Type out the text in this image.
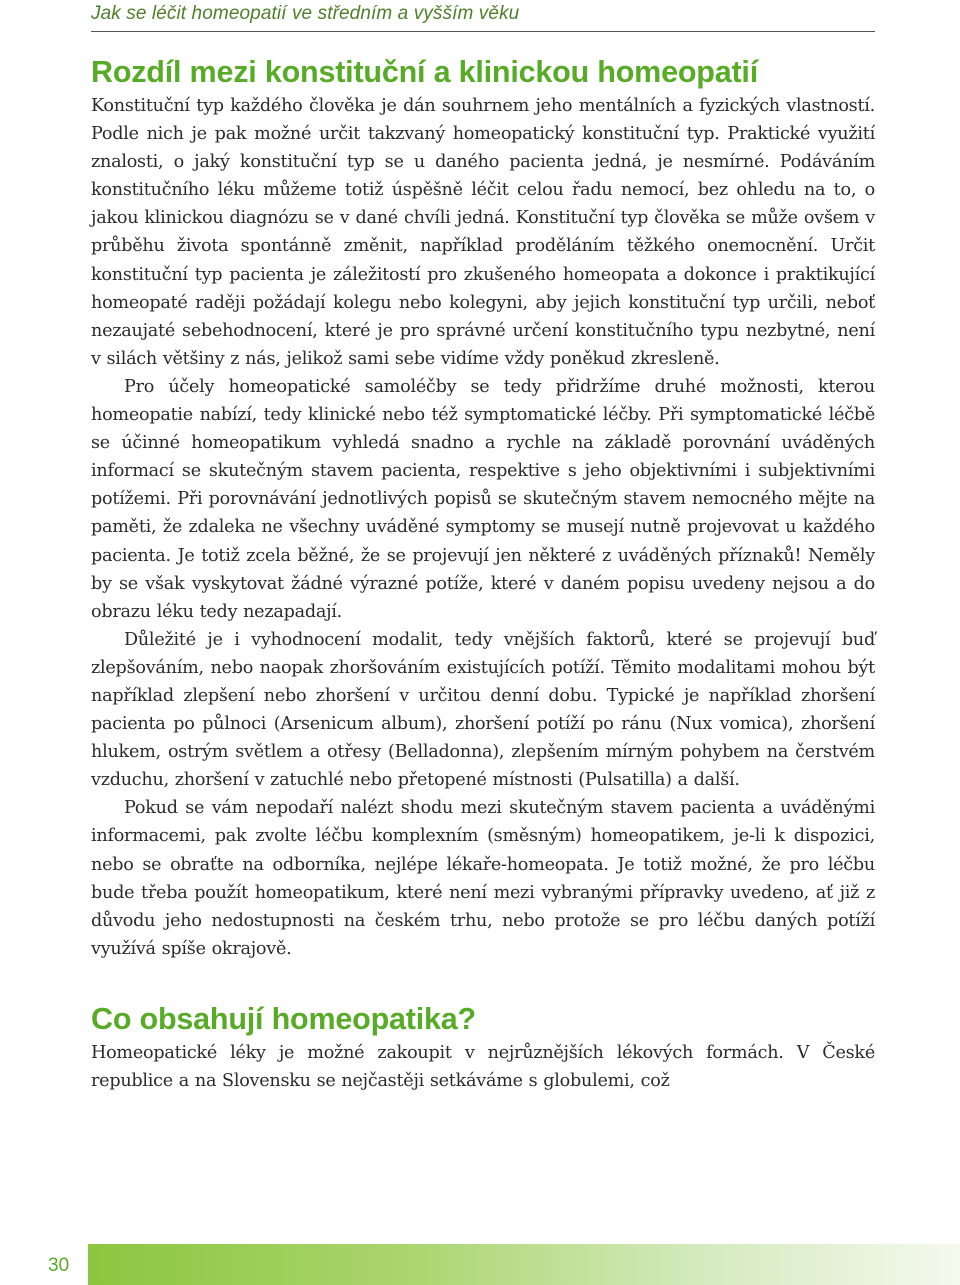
Jak se léčit homeopatií ve středním a vyšším věku
Rozdíl mezi konstituční a klinickou homeopatií

Konstituční typ každého člověka je dán souhrnem jeho mentálních a fyzických vlastností. Podle nich je pak možné určit takzvaný homeopatický konstituční typ. Praktické využití znalosti, o jaký konstituční typ se u daného pacienta jedná, je nesmírné. Podáváním konstitučního léku můžeme totiž úspěšně léčit celou řadu nemocí, bez ohledu na to, o jakou klinickou diagnózu se v dané chvíli jedná. Konstituční typ člověka se může ovšem v průběhu života spontánně změnit, například proděláním těžkého onemocnění. Určit konstituční typ pacienta je záležitostí pro zkušeného homeopata a dokonce i praktikující homeopaté raději požádají kolegu nebo kolegyni, aby jejich konstituční typ určili, neboť nezaujaté sebehodnocení, které je pro správné určení konstitučního typu nezbytné, není v silách většiny z nás, jelikož sami sebe vidíme vždy poněkud zkresleně.

Pro účely homeopatické samoléčby se tedy přidržíme druhé možnosti, kterou homeopatie nabízí, tedy klinické nebo též symptomatické léčby. Při symptomatické léčbě se účinné homeopatikum vyhledá snadno a rychle na základě porovnání uváděných informací se skutečným stavem pacienta, respektive s jeho objektivními i subjektivními potížemi. Při porovnávání jednotlivých popisů se skutečným stavem nemocného mějte na paměti, že zdaleka ne všechny uváděné symptomy se musejí nutně projevovat u každého pacienta. Je totiž zcela běžné, že se projevují jen některé z uváděných příznaků! Neměly by se však vyskytovat žádné výrazné potíže, které v daném popisu uvedeny nejsou a do obrazu léku tedy nezapadají.

Důležité je i vyhodnocení modalit, tedy vnějších faktorů, které se projevují buď zlepšováním, nebo naopak zhoršováním existujících potíží. Těmito modalitami mohou být například zlepšení nebo zhoršení v určitou denní dobu. Typické je například zhoršení pacienta po půlnoci (Arsenicum album), zhoršení potíží po ránu (Nux vomica), zhoršení hlukem, ostrým světlem a otřesy (Belladonna), zlepšením mírným pohybem na čerstvém vzduchu, zhoršení v zatuchlé nebo přetopené místnosti (Pulsatilla) a další.

Pokud se vám nepodaří nalézt shodu mezi skutečným stavem pacienta a uváděnými informacemi, pak zvolte léčbu komplexním (směsným) homeopatikem, je-li k dispozici, nebo se obraťte na odborníka, nejlépe lékaře-homeopata. Je totiž možné, že pro léčbu bude třeba použít homeopatikum, které není mezi vybranými přípravky uvedeno, ať již z důvodu jeho nedostupnosti na českém trhu, nebo protože se pro léčbu daných potíží využívá spíše okrajově.

Co obsahují homeopatika?

Homeopatické léky je možné zakoupit v nejrůznějších lékových formách. V České republice a na Slovensku se nejčastěji setkáváme s globulemi, což

30
